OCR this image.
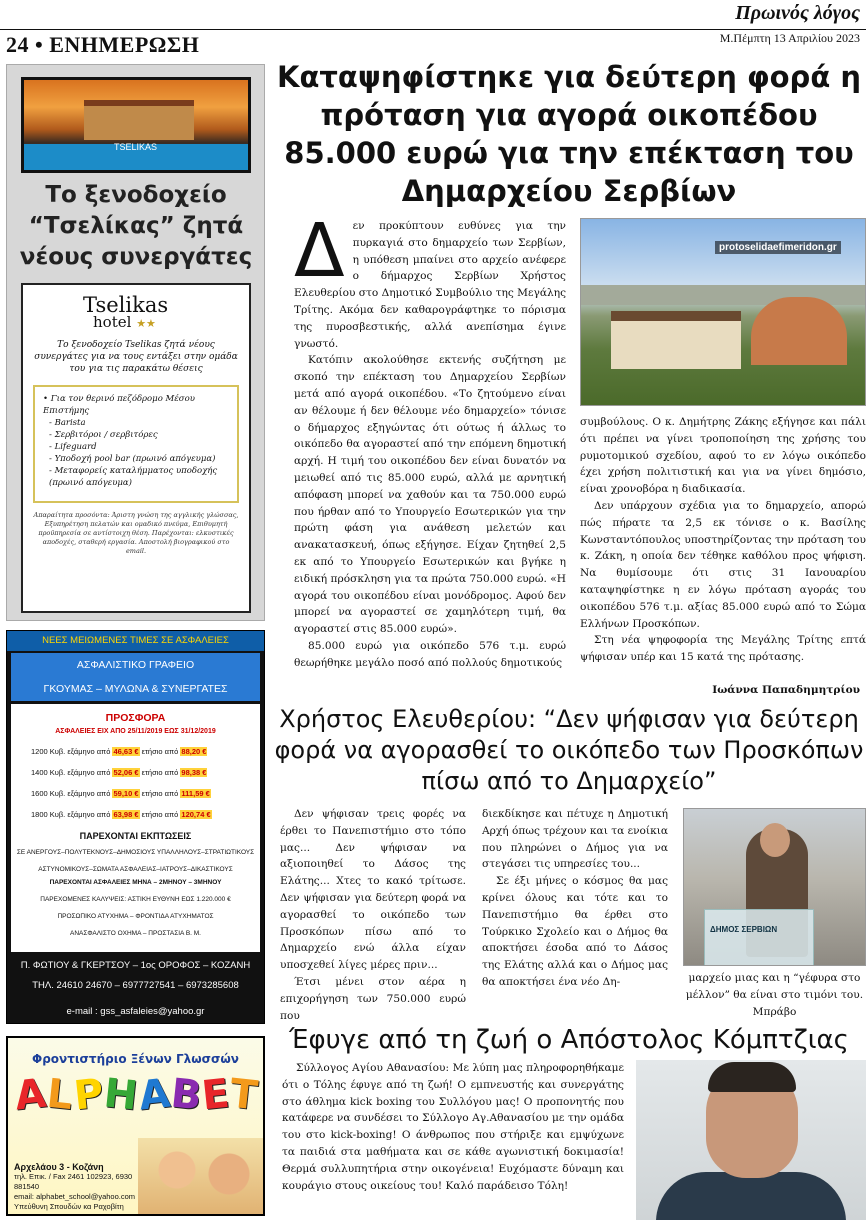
Πρωινός λόγος
24 • ΕΝΗΜΕΡΩΣΗ	Μ.Πέμπτη 13 Απριλίου 2023
TSELIKAS
Το ξενοδοχείο “Τσελίκας” ζητά νέους συνεργάτες
Tselikas
hotel ★★
Το ξενοδοχείο Tselikas ζητά νέους συνεργάτες για να τους εντάξει στην ομάδα του για τις παρακάτω θέσεις
• Για τον θερινό πεζόδρομο Μέσου Επιστήμης
- Barista
- Σερβιτόροι / σερβιτόρες
- Lifeguard
- Υποδοχή pool bar (πρωινό απόγευμα)
- Μεταφορείς καταλήμματος υποδοχής (πρωινό απόγευμα)
Απαραίτητα προσόντα: Άριστη γνώση της αγγλικής γλώσσας, Εξυπηρέτηση πελατών και ομαδικό πνεύμα, Επιθυμητή προϋπηρεσία σε αντίστοιχη θέση. Παρέχονται: ελκυστικές αποδοχές, σταθερή εργασία. Αποστολή βιογραφικού στο email.
ΝΕΕΣ ΜΕΙΩΜΕΝΕΣ ΤΙΜΕΣ ΣΕ ΑΣΦΑΛΕΙΕΣ
ΑΣΦΑΛΙΣΤΙΚΟ ΓΡΑΦΕΙΟ
ΓΚΟΥΜΑΣ – ΜΥΛΩΝΑ & ΣΥΝΕΡΓΑΤΕΣ
ΠΡΟΣΦΟΡΑ
ΑΣΦΑΛΕΙΕΣ ΕΙΧ ΑΠΟ 25/11/2019 ΕΩΣ 31/12/2019
1200 Κυβ. εξάμηνο από 46,63 € ετήσιο από 88,20 €
1400 Κυβ. εξάμηνο από 52,06 € ετήσιο από 98,38 €
1600 Κυβ. εξάμηνο από 59,10 € ετήσιο από 111,59 €
1800 Κυβ. εξάμηνο από 63,98 € ετήσιο από 120,74 €
ΠΑΡΕΧΟΝΤΑΙ ΕΚΠΤΩΣΕΙΣ
ΣΕ ΑΝΕΡΓΟΥΣ–ΠΟΛΥΤΕΚΝΟΥΣ–ΔΗΜΟΣΙΟΥΣ ΥΠΑΛΛΗΛΟΥΣ–ΣΤΡΑΤΙΩΤΙΚΟΥΣ
ΑΣΤΥΝΟΜΙΚΟΥΣ–ΣΩΜΑΤΑ ΑΣΦΑΛΕΙΑΣ–ΙΑΤΡΟΥΣ–ΔΙΚΑΣΤΙΚΟΥΣ
ΠΑΡΕΧΟΝΤΑΙ ΑΣΦΑΛΕΙΕΣ ΜΗΝΑ – 2ΜΗΝΟΥ – 3ΜΗΝΟΥ
ΠΑΡΕΧΟΜΕΝΕΣ ΚΑΛΥΨΕΙΣ: ΑΣΤΙΚΗ ΕΥΘΥΝΗ ΕΩΣ 1.220.000 €
ΠΡΟΣΩΠΙΚΟ ΑΤΥΧΗΜΑ – ΦΡΟΝΤΙΔΑ ΑΤΥΧΗΜΑΤΟΣ
ΑΝΑΣΦΑΛΙΣΤΟ ΟΧΗΜΑ – ΠΡΟΣΤΑΣΙΑ Β. Μ.
Π. ΦΩΤΙΟΥ & ΓΚΕΡΤΣΟΥ – 1ος ΟΡΟΦΟΣ – ΚΟΖΑΝΗ
ΤΗΛ. 24610 24670 – 6977727541 – 6973285608
e-mail : gss_asfaleies@yahoo.gr
Φροντιστήριο Ξένων Γλωσσών
ALPHABET
Αρχελάου 3 - Κοζάνη
τηλ. Επικ. / Fax 2461 102923, 6930 881540
email: alphabet_school@yahoo.com
Υπεύθυνη Σπουδών κα Ραχοβίτη
Καταψηφίστηκε για δεύτερη φορά η πρόταση για αγορά οικοπέδου 85.000 ευρώ για την επέκταση του Δημαρχείου Σερβίων

Δεν προκύπτουν ευθύνες για την πυρκαγιά στο δημαρχείο των Σερβίων, η υπόθεση μπαίνει στο αρχείο ανέφερε ο δήμαρχος Σερβίων Χρήστος Ελευθερίου στο Δημοτικό Συμβούλιο της Μεγάλης Τρίτης. Ακόμα δεν καθαρογράφτηκε το πόρισμα της πυροσβεστικής, αλλά ανεπίσημα έγινε γνωστό.

Κατόπιν ακολούθησε εκτενής συζήτηση με σκοπό την επέκταση του Δημαρχείου Σερβίων μετά από αγορά οικοπέδου. «Το ζητούμενο είναι αν θέλουμε ή δεν θέλουμε νέο δημαρχείο» τόνισε ο δήμαρχος εξηγώντας ότι ούτως ή άλλως το οικόπεδο θα αγοραστεί από την επόμενη δημοτική αρχή. Η τιμή του οικοπέδου δεν είναι δυνατόν να μειωθεί από τις 85.000 ευρώ, αλλά με αρνητική απόφαση μπορεί να χαθούν και τα 750.000 ευρώ που ήρθαν από το Υπουργείο Εσωτερικών για την πρώτη φάση για ανάθεση μελετών και ανακατασκευή, όπως εξήγησε. Είχαν ζητηθεί 2,5 εκ από το Υπουργείο Εσωτερικών και βγήκε η ειδική πρόσκληση για τα πρώτα 750.000 ευρώ. «Η αγορά του οικοπέδου είναι μονόδρομος. Αφού δεν μπορεί να αγοραστεί σε χαμηλότερη τιμή, θα αγοραστεί στις 85.000 ευρώ».

85.000 ευρώ για οικόπεδο 576 τ.μ. ευρώ θεωρήθηκε μεγάλο ποσό από πολλούς δημοτικούς

protoselidaefimeridon.gr

συμβούλους. Ο κ. Δημήτρης Ζάκης εξήγησε και πάλι ότι πρέπει να γίνει τροποποίηση της χρήσης του ρυμοτομικού σχεδίου, αφού το εν λόγω οικόπεδο έχει χρήση πολιτιστική και για να γίνει δημόσιο, είναι χρονοβόρα η διαδικασία.

Δεν υπάρχουν σχέδια για το δημαρχείο, απορώ πώς πήρατε τα 2,5 εκ τόνισε ο κ. Βασίλης Κωνσταντόπουλος υποστηρίζοντας την πρόταση του κ. Ζάκη, η οποία δεν τέθηκε καθόλου προς ψήφιση. Να θυμίσουμε ότι στις 31 Ιανουαρίου καταψηφίστηκε η εν λόγω πρόταση αγοράς του οικοπέδου 576 τ.μ. αξίας 85.000 ευρώ από το Σώμα Ελλήνων Προσκόπων.

Στη νέα ψηφοφορία της Μεγάλης Τρίτης επτά ψήφισαν υπέρ και 15 κατά της πρότασης.

Ιωάννα Παπαδημητρίου
Χρήστος Ελευθερίου: “Δεν ψήφισαν για δεύτερη φορά να αγορασθεί το οικόπεδο των Προσκόπων πίσω από το Δημαρχείο”

Δεν ψήφισαν τρεις φορές να έρθει το Πανεπιστήμιο στο τόπο μας... Δεν ψήφισαν να αξιοποιηθεί το Δάσος της Ελάτης... Χτες το κακό τρίτωσε. Δεν ψήφισαν για δεύτερη φορά να αγορασθεί το οικόπεδο των Προσκόπων πίσω από το Δημαρχείο ενώ άλλα είχαν υποσχεθεί λίγες μέρες πριν...

Έτσι μένει στον αέρα η επιχορήγηση των 750.000 ευρώ που

διεκδίκησε και πέτυχε η Δημοτική Αρχή όπως τρέχουν και τα ενοίκια που πληρώνει ο Δήμος για να στεγάσει τις υπηρεσίες του...

Σε έξι μήνες ο κόσμος θα μας κρίνει όλους και τότε και το Πανεπιστήμιο θα έρθει στο Τούρκικο Σχολείο και ο Δήμος θα αποκτήσει έσοδα από το Δάσος της Ελάτης αλλά και ο Δήμος μας θα αποκτήσει ένα νέο Δη-

ΔΗΜΟΣ ΣΕΡΒΙΩΝ
μαρχείο μιας και η “γέφυρα στο μέλλον” θα είναι στο τιμόνι του. Μπράβο
Έφυγε από τη ζωή ο Απόστολος Κόμπτζιας

Σύλλογος Αγίου Αθανασίου: Με λύπη μας πληροφορηθήκαμε ότι ο Τόλης έφυγε από τη ζωή! Ο εμπνευστής και συνεργάτης στο άθλημα kick boxing του Συλλόγου μας! Ο προπονητής που κατάφερε να συνδέσει το Σύλλογο Αγ.Αθανασίου με την ομάδα του στο kick-boxing! Ο άνθρωπος που στήριξε και εμψύχωνε τα παιδιά στα μαθήματα και σε κάθε αγωνιστική δοκιμασία! Θερμά συλλυπητήρια στην οικογένεια! Ευχόμαστε δύναμη και κουράγιο στους οικείους του! Καλό παράδεισο Τόλη!
